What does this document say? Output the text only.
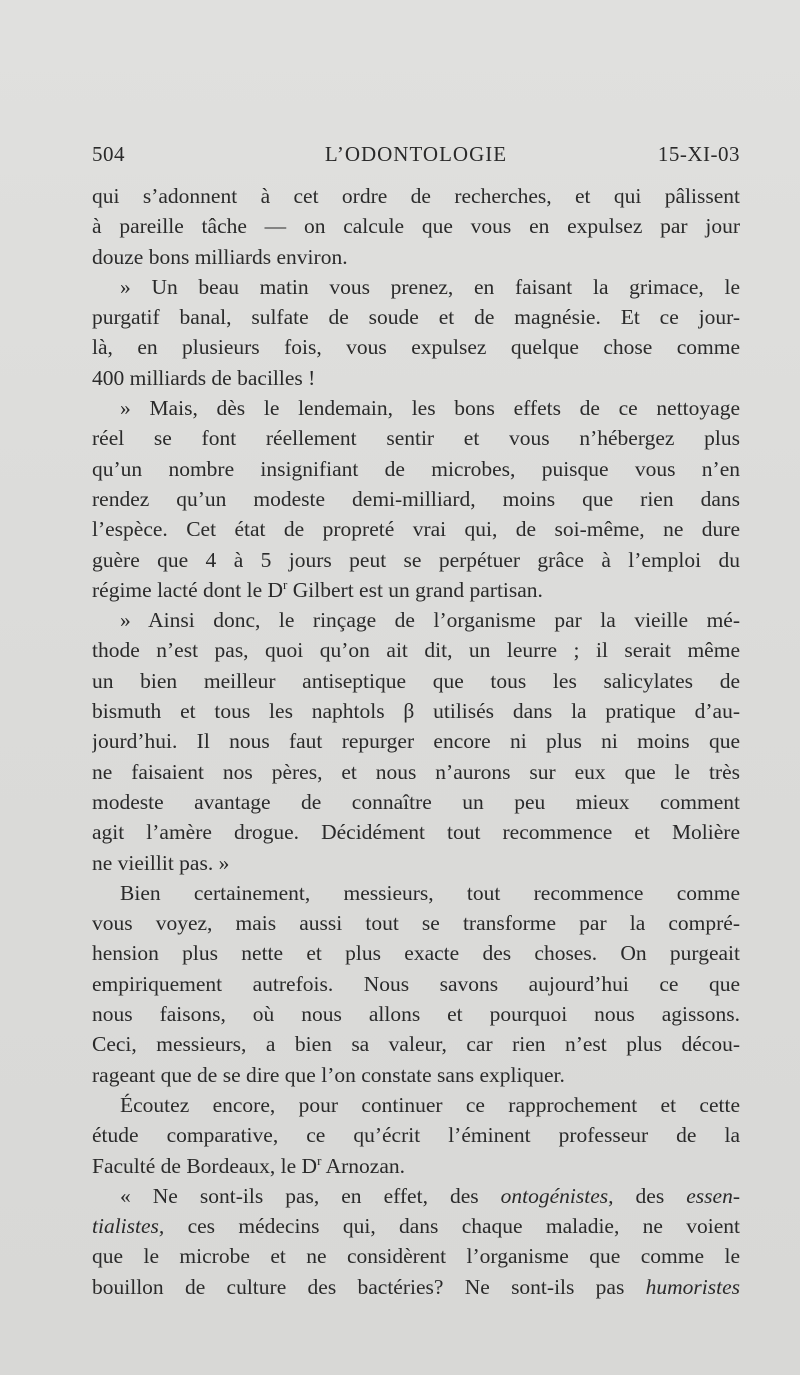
504	L’ODONTOLOGIE	15-XI-03
qui s’adonnent à cet ordre de recherches, et qui pâlissent
à pareille tâche — on calcule que vous en expulsez par jour
douze bons milliards environ.
» Un beau matin vous prenez, en faisant la grimace, le
purgatif banal, sulfate de soude et de magnésie. Et ce jour-
là, en plusieurs fois, vous expulsez quelque chose comme
400 milliards de bacilles !
» Mais, dès le lendemain, les bons effets de ce nettoyage
réel se font réellement sentir et vous n’hébergez plus
qu’un nombre insignifiant de microbes, puisque vous n’en
rendez qu’un modeste demi-milliard, moins que rien dans
l’espèce. Cet état de propreté vrai qui, de soi-même, ne dure
guère que 4 à 5 jours peut se perpétuer grâce à l’emploi du
régime lacté dont le $D^r$ Gilbert est un grand partisan.
» Ainsi donc, le rinçage de l’organisme par la vieille mé-
thode n’est pas, quoi qu’on ait dit, un leurre ; il serait même
un bien meilleur antiseptique que tous les salicylates de
bismuth et tous les naphtols β utilisés dans la pratique d’au-
jourd’hui. Il nous faut repurger encore ni plus ni moins que
ne faisaient nos pères, et nous n’aurons sur eux que le très
modeste avantage de connaître un peu mieux comment
agit l’amère drogue. Décidément tout recommence et Molière
ne vieillit pas. »
Bien certainement, messieurs, tout recommence comme
vous voyez, mais aussi tout se transforme par la compré-
hension plus nette et plus exacte des choses. On purgeait
empiriquement autrefois. Nous savons aujourd’hui ce que
nous faisons, où nous allons et pourquoi nous agissons.
Ceci, messieurs, a bien sa valeur, car rien n’est plus décou-
rageant que de se dire que l’on constate sans expliquer.
Écoutez encore, pour continuer ce rapprochement et cette
étude comparative, ce qu’écrit l’éminent professeur de la
Faculté de Bordeaux, le $D^r$ Arnozan.
« Ne sont-ils pas, en effet, des ontogénistes, des essen-
tialistes, ces médecins qui, dans chaque maladie, ne voient
que le microbe et ne considèrent l’organisme que comme le
bouillon de culture des bactéries? Ne sont-ils pas humoristes
